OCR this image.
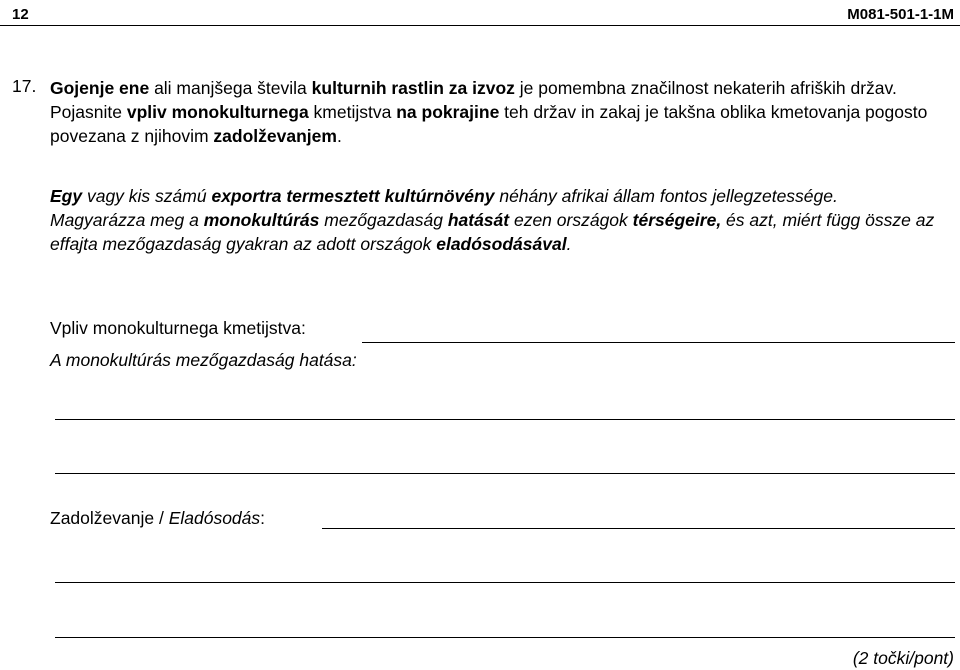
12	M081-501-1-1M
17. Gojenje ene ali manjšega števila kulturnih rastlin za izvoz je pomembna značilnost nekaterih afriških držav.

Pojasnite vpliv monokulturnega kmetijstva na pokrajine teh držav in zakaj je takšna oblika kmetovanja pogosto povezana z njihovim zadolževanjem.

Egy vagy kis számú exportra termesztett kultúrnövény néhány afrikai állam fontos jellegzetessége.

Magyarázza meg a monokultúrás mezőgazdaság hatását ezen országok térségeire, és azt, miért függ össze az effajta mezőgazdaság gyakran az adott országok eladósodásával.

Vpliv monokulturnega kmetijstva:
A monokultúrás mezőgazdaság hatása:
Zadolževanje / Eladósodás:
(2 točki/pont)
